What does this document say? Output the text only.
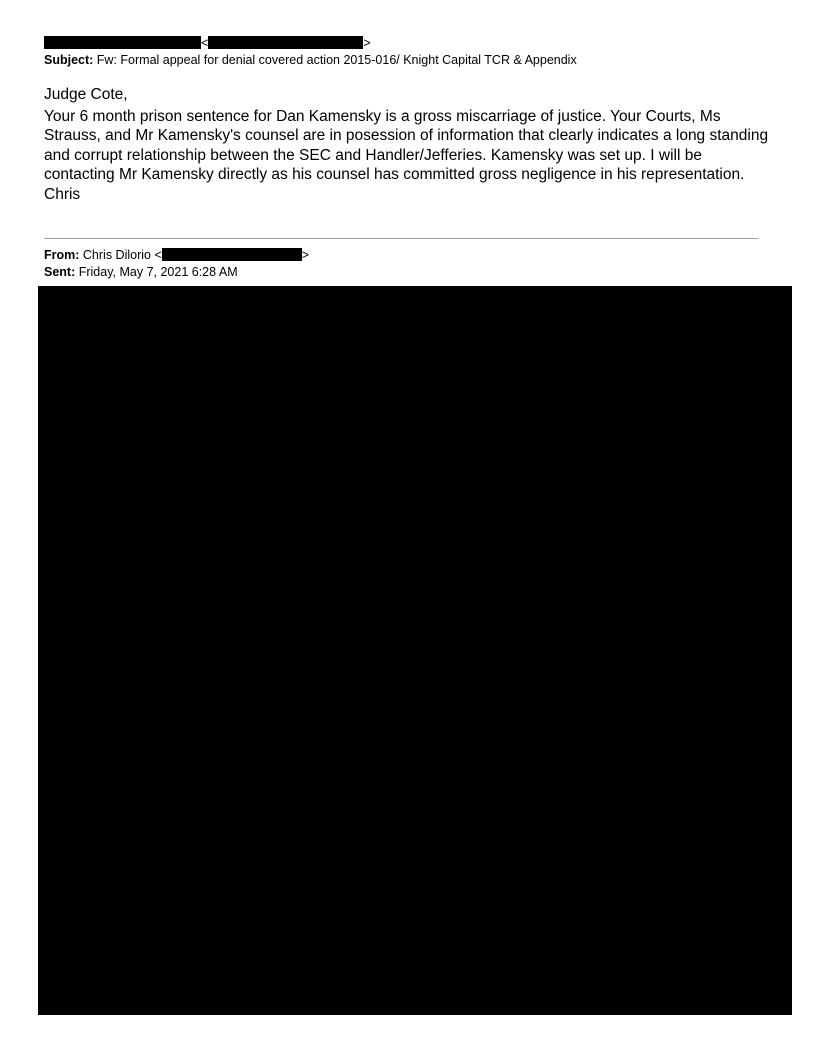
<	>
Subject: Fw: Formal appeal for denial covered action 2015-016/ Knight Capital TCR & Appendix

Judge Cote,

Your 6 month prison sentence for Dan Kamensky is a gross miscarriage of justice. Your Courts, Ms Strauss, and Mr Kamensky's counsel are in posession of information that clearly indicates a long standing and corrupt relationship between the SEC and Handler/Jefferies. Kamensky was set up. I will be contacting Mr Kamensky directly as his counsel has committed gross negligence in his representation.

Chris

From: Chris Dilorio <	>
Sent: Friday, May 7, 2021 6:28 AM
